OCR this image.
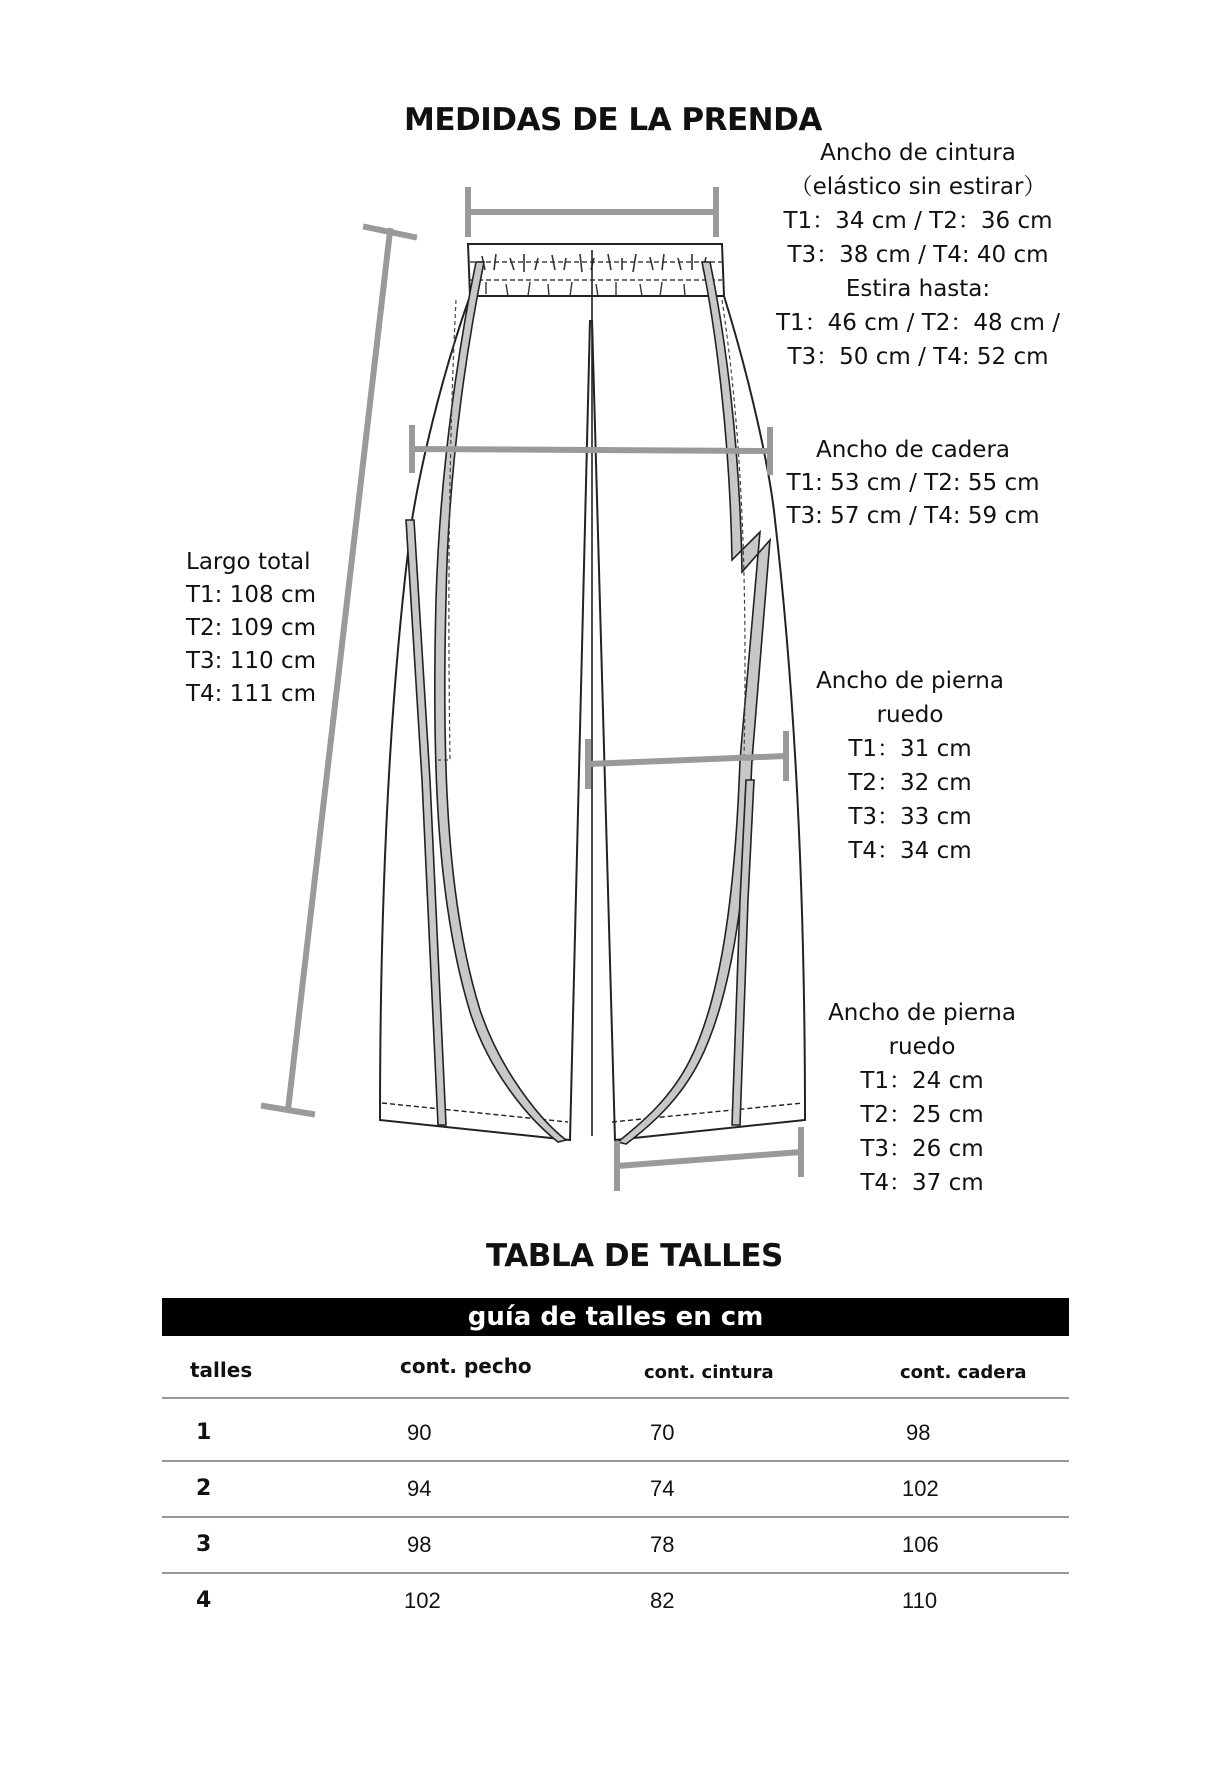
MEDIDAS DE LA PRENDA
Ancho de cintura
（elástico sin estirar）
T1：34 cm / T2：36 cm
T3：38 cm / T4: 40 cm
Estira hasta:
T1：46 cm / T2：48 cm /
T3：50 cm / T4: 52 cm
Ancho de cadera
T1: 53 cm / T2: 55 cm
T3: 57 cm / T4: 59 cm
Largo total
T1: 108 cm
T2: 109 cm
T3: 110 cm
T4: 111 cm	Ancho de pierna
ruedo
T1：31 cm
T2：32 cm
T3：33 cm
T4：34 cm
Ancho de pierna
ruedo
T1：24 cm
T2：25 cm
T3：26 cm
T4：37 cm
TABLA DE TALLES
guía de talles en cm
talles	cont. pecho	cont. cintura	cont. cadera
1	90	70	98
2	94	74	102
3	98	78	106
4	102	82	110
